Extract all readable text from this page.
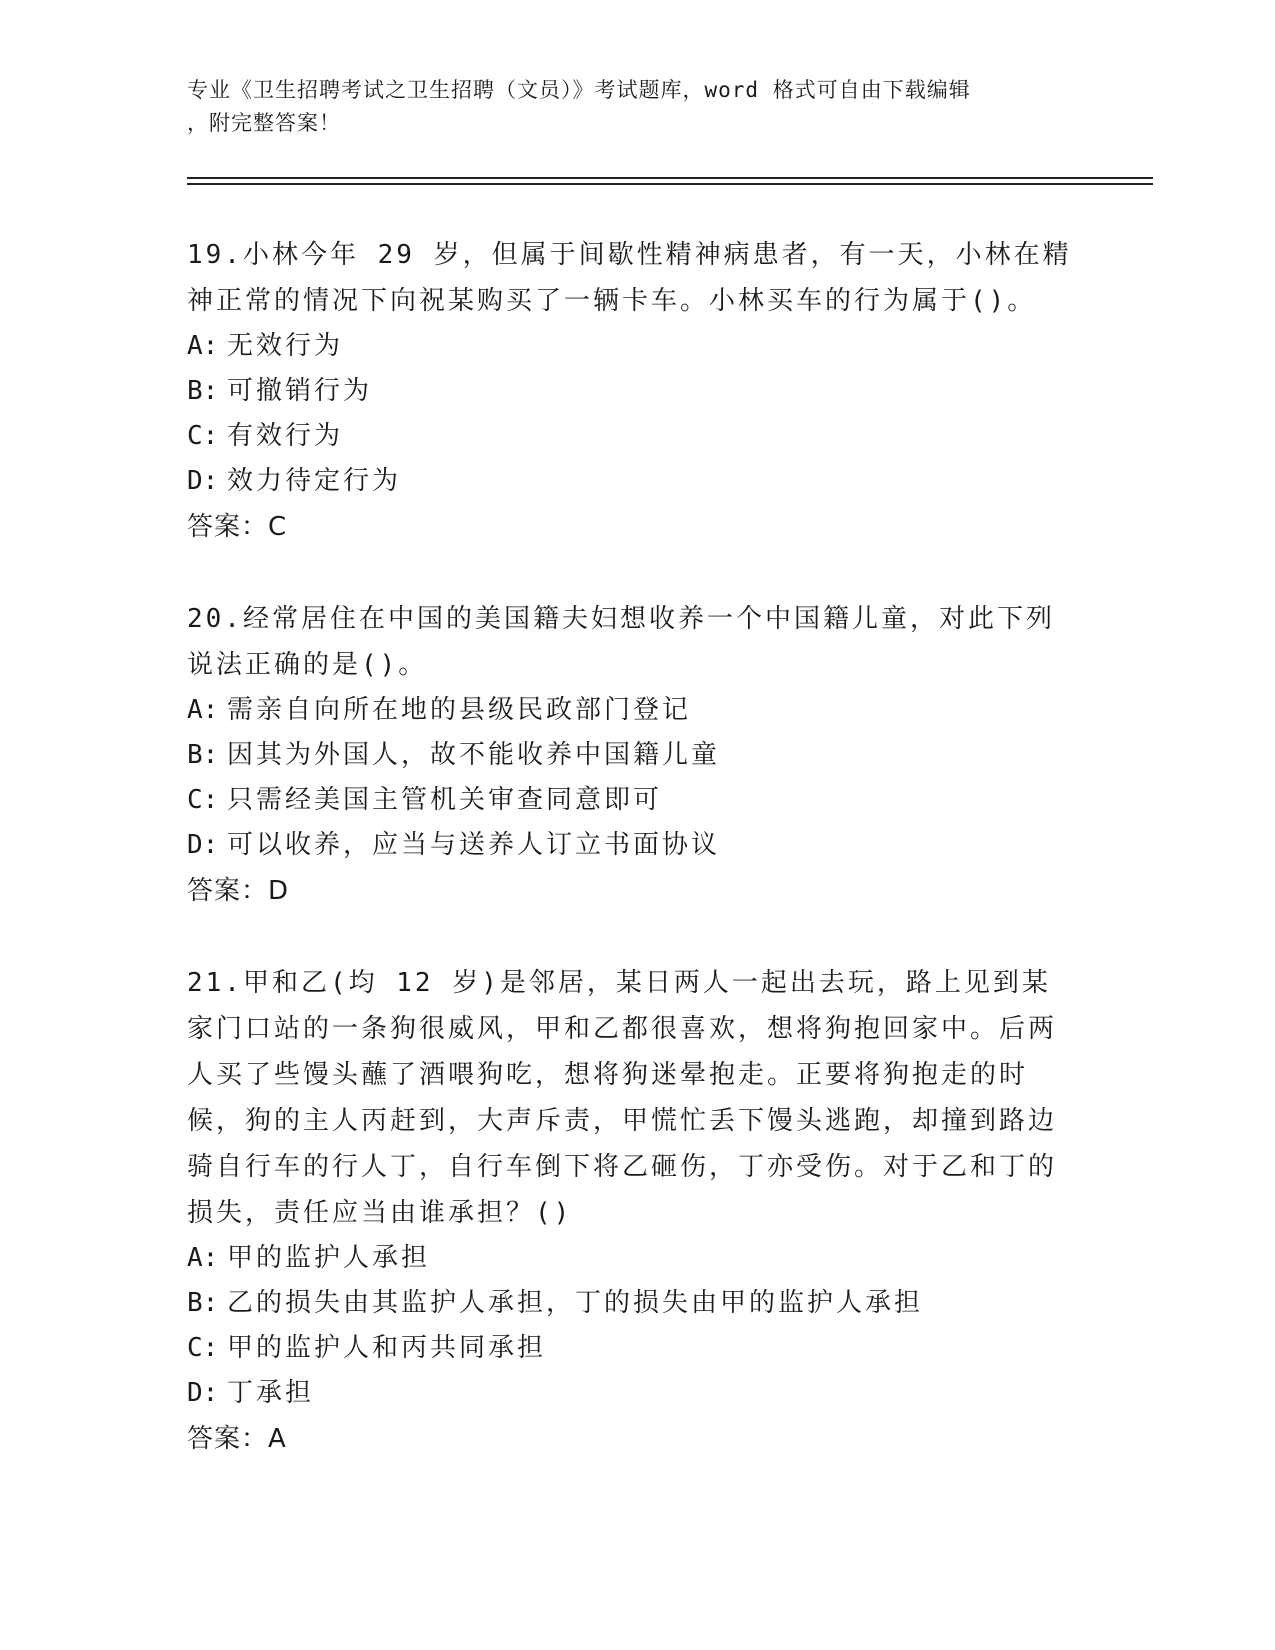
专业《卫生招聘考试之卫生招聘（文员）》考试题库，word 格式可自由下载编辑
，附完整答案！
19.小林今年 29 岁，但属于间歇性精神病患者，有一天，小林在精神正常的情况下向祝某购买了一辆卡车。小林买车的行为属于()。
A: 无效行为
B: 可撤销行为
C: 有效行为
D: 效力待定行为
答案：C
20.经常居住在中国的美国籍夫妇想收养一个中国籍儿童，对此下列说法正确的是()。
A: 需亲自向所在地的县级民政部门登记
B: 因其为外国人，故不能收养中国籍儿童
C: 只需经美国主管机关审查同意即可
D: 可以收养，应当与送养人订立书面协议
答案：D
21.甲和乙(均 12 岁)是邻居，某日两人一起出去玩，路上见到某家门口站的一条狗很威风，甲和乙都很喜欢，想将狗抱回家中。后两人买了些馒头蘸了酒喂狗吃，想将狗迷晕抱走。正要将狗抱走的时候，狗的主人丙赶到，大声斥责，甲慌忙丢下馒头逃跑，却撞到路边骑自行车的行人丁，自行车倒下将乙砸伤，丁亦受伤。对于乙和丁的损失，责任应当由谁承担？()
A: 甲的监护人承担
B: 乙的损失由其监护人承担，丁的损失由甲的监护人承担
C: 甲的监护人和丙共同承担
D: 丁承担
答案：A
